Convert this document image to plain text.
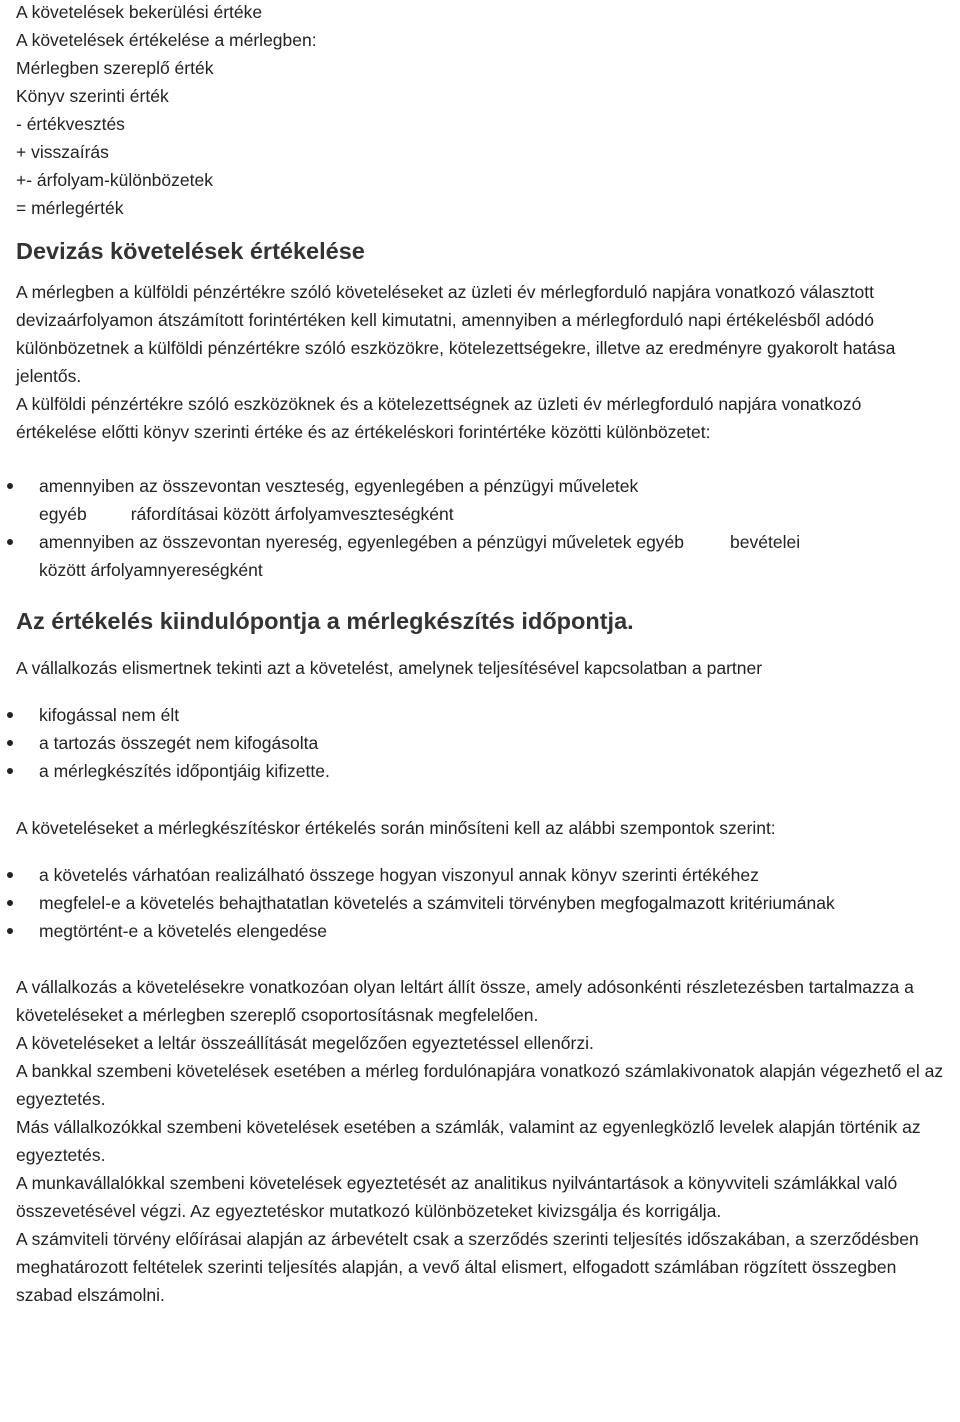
A követelések bekerülési értéke
A követelések értékelése a mérlegben:
Mérlegben szereplő érték
Könyv szerinti érték
- értékvesztés
+ visszaírás
+- árfolyam-különbözetek
= mérlegérték
Devizás követelések értékelése

A mérlegben a külföldi pénzértékre szóló követeléseket az üzleti év mérlegforduló napjára vonatkozó választott devizaárfolyamon átszámított forintértéken kell kimutatni, amennyiben a mérlegforduló napi értékelésből adódó különbözetnek a külföldi pénzértékre szóló eszközökre, kötelezettségekre, illetve az eredményre gyakorolt hatása jelentős.

A külföldi pénzértékre szóló eszközöknek és a kötelezettségnek az üzleti év mérlegforduló napjára vonatkozó értékelése előtti könyv szerinti értéke és az értékeléskori forintértéke közötti különbözetet:

amennyiben az összevontan veszteség, egyenlegében a pénzügyi műveletek
egyéb	ráfordításai között árfolyamveszteségként
amennyiben az összevontan nyereség, egyenlegében a pénzügyi műveletek egyéb	bevételei
között árfolyamnyereségként
Az értékelés kiindulópontja a mérlegkészítés időpontja.

A vállalkozás elismertnek tekinti azt a követelést, amelynek teljesítésével kapcsolatban a partner

kifogással nem élt
a tartozás összegét nem kifogásolta
a mérlegkészítés időpontjáig kifizette.

A követeléseket a mérlegkészítéskor értékelés során minősíteni kell az alábbi szempontok szerint:

a követelés várhatóan realizálható összege hogyan viszonyul annak könyv szerinti értékéhez
megfelel-e a követelés behajthatatlan követelés a számviteli törvényben megfogalmazott kritériumának
megtörtént-e a követelés elengedése

A vállalkozás a követelésekre vonatkozóan olyan leltárt állít össze, amely adósonkénti részletezésben tartalmazza a követeléseket a mérlegben szereplő csoportosításnak megfelelően.

A követeléseket a leltár összeállítását megelőzően egyeztetéssel ellenőrzi.

A bankkal szembeni követelések esetében a mérleg fordulónapjára vonatkozó számlakivonatok alapján végezhető el az egyeztetés.

Más vállalkozókkal szembeni követelések esetében a számlák, valamint az egyenlegközlő levelek alapján történik az egyeztetés.

A munkavállalókkal szembeni követelések egyeztetését az analitikus nyilvántartások a könyvviteli számlákkal való összevetésével végzi. Az egyeztetéskor mutatkozó különbözeteket kivizsgálja és korrigálja.

A számviteli törvény előírásai alapján az árbevételt csak a szerződés szerinti teljesítés időszakában, a szerződésben meghatározott feltételek szerinti teljesítés alapján, a vevő által elismert, elfogadott számlában rögzített összegben szabad elszámolni.
